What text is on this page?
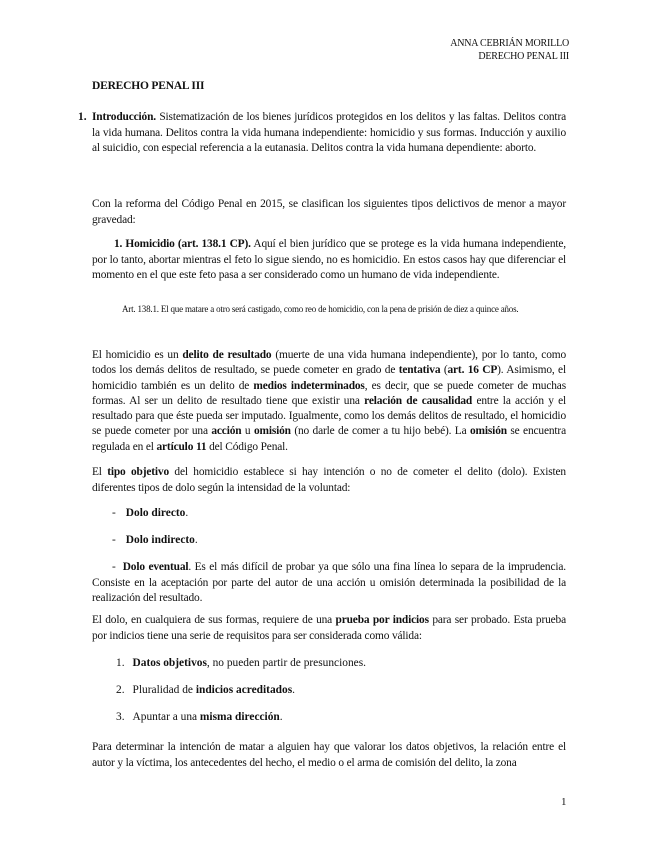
ANNA CEBRIÁN MORILLO
DERECHO PENAL III
DERECHO PENAL III
1. Introducción. Sistematización de los bienes jurídicos protegidos en los delitos y las faltas. Delitos contra la vida humana. Delitos contra la vida humana independiente: homicidio y sus formas. Inducción y auxilio al suicidio, con especial referencia a la eutanasia. Delitos contra la vida humana dependiente: aborto.
Con la reforma del Código Penal en 2015, se clasifican los siguientes tipos delictivos de menor a mayor gravedad:
1. Homicidio (art. 138.1 CP). Aquí el bien jurídico que se protege es la vida humana independiente, por lo tanto, abortar mientras el feto lo sigue siendo, no es homicidio. En estos casos hay que diferenciar el momento en el que este feto pasa a ser considerado como un humano de vida independiente.
Art. 138.1. El que matare a otro será castigado, como reo de homicidio, con la pena de prisión de diez a quince años.
El homicidio es un delito de resultado (muerte de una vida humana independiente), por lo tanto, como todos los demás delitos de resultado, se puede cometer en grado de tentativa (art. 16 CP). Asimismo, el homicidio también es un delito de medios indeterminados, es decir, que se puede cometer de muchas formas. Al ser un delito de resultado tiene que existir una relación de causalidad entre la acción y el resultado para que éste pueda ser imputado. Igualmente, como los demás delitos de resultado, el homicidio se puede cometer por una acción u omisión (no darle de comer a tu hijo bebé). La omisión se encuentra regulada en el artículo 11 del Código Penal.
El tipo objetivo del homicidio establece si hay intención o no de cometer el delito (dolo). Existen diferentes tipos de dolo según la intensidad de la voluntad:
- Dolo directo.
- Dolo indirecto.
- Dolo eventual. Es el más difícil de probar ya que sólo una fina línea lo separa de la imprudencia. Consiste en la aceptación por parte del autor de una acción u omisión determinada la posibilidad de la realización del resultado.
El dolo, en cualquiera de sus formas, requiere de una prueba por indicios para ser probado. Esta prueba por indicios tiene una serie de requisitos para ser considerada como válida:
1. Datos objetivos, no pueden partir de presunciones.
2. Pluralidad de indicios acreditados.
3. Apuntar a una misma dirección.
Para determinar la intención de matar a alguien hay que valorar los datos objetivos, la relación entre el autor y la víctima, los antecedentes del hecho, el medio o el arma de comisión del delito, la zona
1
